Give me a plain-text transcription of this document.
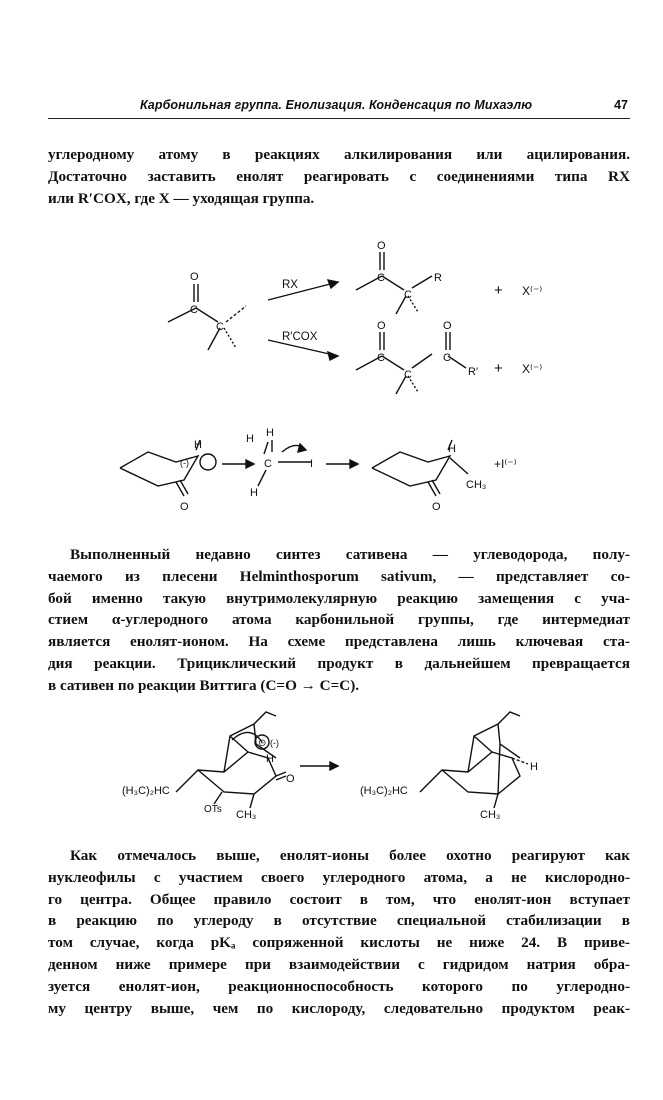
Карбонильная группа. Енолизация. Конденсация по Михаэлю	47
углеродному атому в реакциях алкилирования или ацилирования.
Достаточно заставить енолят реагировать с соединениями типа RX
или R′COX, где X — уходящая группа.
O
C
C
RX
R′COX
O
C
C
R
+ X⁽⁻⁾
O
C
C
O
C
R′ + X⁽⁻⁾
H
(-)
O
H H
C
H
I
H
CH₃
O
+I⁽⁻⁾
Выполненный недавно синтез сативена — углеводорода, полу-
чаемого из плесени Helminthosporum sativum, — представляет со-
бой именно такую внутримолекулярную реакцию замещения с уча-
стием α-углеродного атома карбонильной группы, где интермедиат
является енолят-ионом. На схеме представлена лишь ключевая ста-
дия реакции. Трициклический продукт в дальнейшем превращается
в сативен по реакции Виттига (C=O → C=C).
(H₃C)₂HC
OTs CH₃
⊝ (-)
H
O
(H₃C)₂HC
CH₃
H
Как отмечалось выше, енолят-ионы более охотно реагируют как
нуклеофилы с участием своего углеродного атома, а не кислородно-
го центра. Общее правило состоит в том, что енолят-ион вступает
в реакцию по углероду в отсутствие специальной стабилизации в
том случае, когда pKₐ сопряженной кислоты не ниже 24. В приве-
денном ниже примере при взаимодействии с гидридом натрия обра-
зуется енолят-ион, реакционноспособность которого по углеродно-
му центру выше, чем по кислороду, следовательно продуктом реак-
